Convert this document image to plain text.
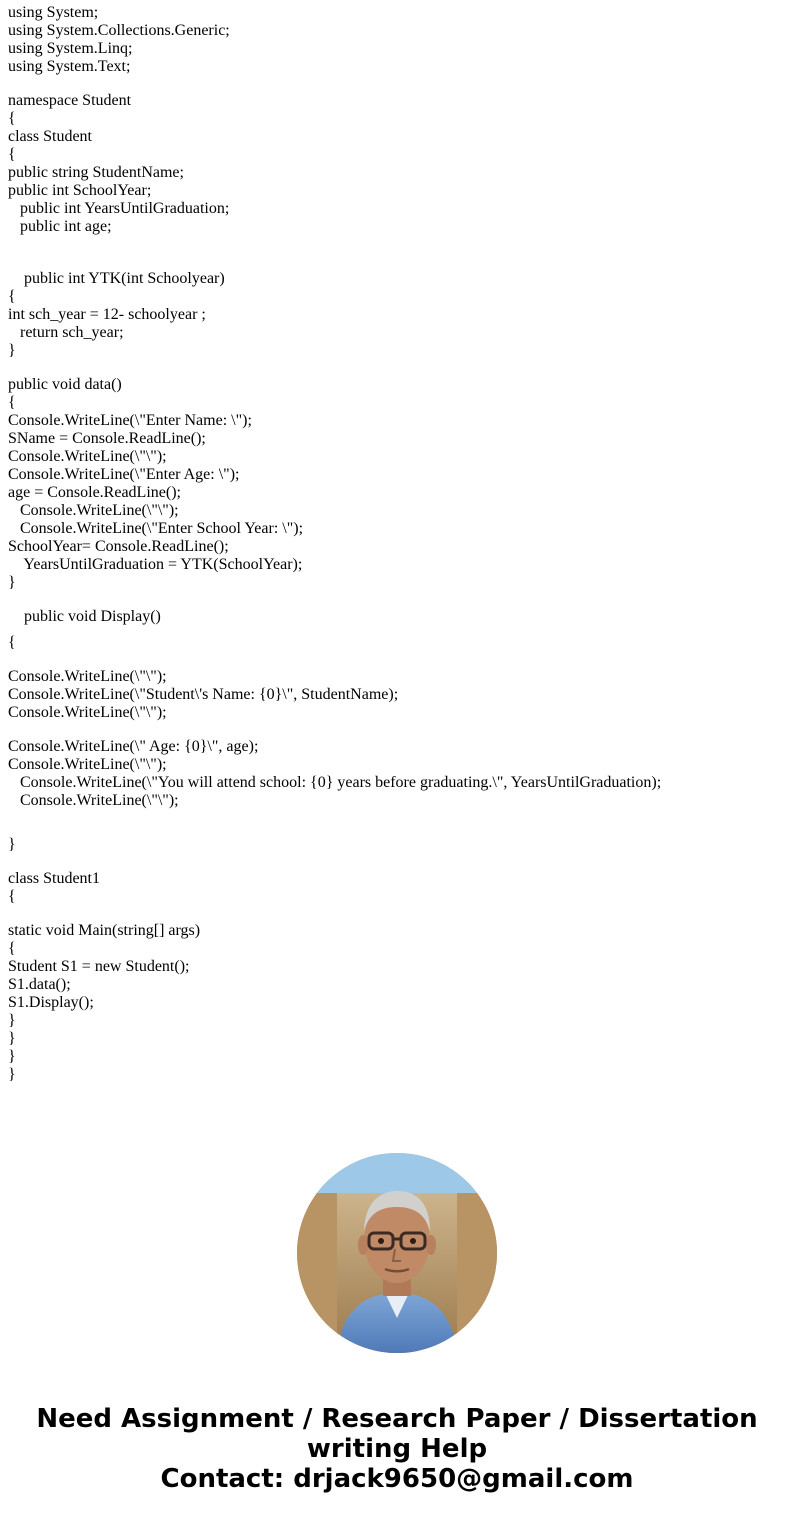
using System;
using System.Collections.Generic;
using System.Linq;
using System.Text;
namespace Student
{
class Student
{
public string StudentName;
public int SchoolYear;
public int YearsUntilGraduation;
public int age;
public int YTK(int Schoolyear)
{
int sch_year = 12- schoolyear ;
return sch_year;
}
public void data()
{
Console.WriteLine(\"Enter Name: \");
SName = Console.ReadLine();
Console.WriteLine(\"\");
Console.WriteLine(\"Enter Age: \");
age = Console.ReadLine();
Console.WriteLine(\"\");
Console.WriteLine(\"Enter School Year: \");
SchoolYear= Console.ReadLine();
YearsUntilGraduation = YTK(SchoolYear);
}
public void Display()
{
Console.WriteLine(\"\");
Console.WriteLine(\"Student\'s Name: {0}\", StudentName);
Console.WriteLine(\"\");
Console.WriteLine(\" Age: {0}\", age);
Console.WriteLine(\"\");
Console.WriteLine(\"You will attend school: {0} years before graduating.\", YearsUntilGraduation);
Console.WriteLine(\"\");
}
class Student1
{
static void Main(string[] args)
{
Student S1 = new Student();
S1.data();
S1.Display();
}
}
}
}
Need Assignment / Research Paper / Dissertation
writing Help
Contact: drjack9650@gmail.com
